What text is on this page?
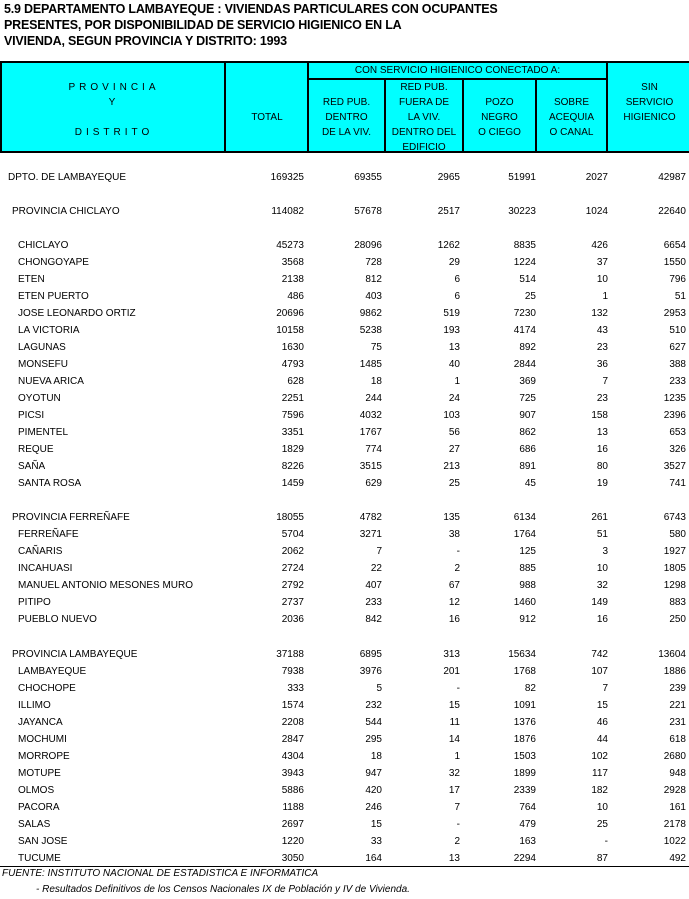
5.9 DEPARTAMENTO LAMBAYEQUE : VIVIENDAS PARTICULARES CON OCUPANTES
PRESENTES, POR DISPONIBILIDAD DE SERVICIO HIGIENICO EN LA
VIVIENDA, SEGUN PROVINCIA Y DISTRITO: 1993
PROVINCIA
Y
DISTRITO
TOTAL
CON SERVICIO HIGIENICO CONECTADO A:
RED PUB.
DENTRO
DE LA VIV.
RED PUB.
FUERA DE
LA VIV.
DENTRO DEL
EDIFICIO
POZO
NEGRO
O CIEGO
SOBRE
ACEQUIA
O CANAL
SIN
SERVICIO
HIGIENICO
DPTO. DE LAMBAYEQUE	169325	69355	2965	51991	2027	42987
PROVINCIA CHICLAYO	114082	57678	2517	30223	1024	22640
CHICLAYO	45273	28096	1262	8835	426	6654
CHONGOYAPE	3568	728	29	1224	37	1550
ETEN	2138	812	6	514	10	796
ETEN PUERTO	486	403	6	25	1	51
JOSE LEONARDO ORTIZ	20696	9862	519	7230	132	2953
LA VICTORIA	10158	5238	193	4174	43	510
LAGUNAS	1630	75	13	892	23	627
MONSEFU	4793	1485	40	2844	36	388
NUEVA ARICA	628	18	1	369	7	233
OYOTUN	2251	244	24	725	23	1235
PICSI	7596	4032	103	907	158	2396
PIMENTEL	3351	1767	56	862	13	653
REQUE	1829	774	27	686	16	326
SAÑA	8226	3515	213	891	80	3527
SANTA ROSA	1459	629	25	45	19	741
PROVINCIA FERREÑAFE	18055	4782	135	6134	261	6743
FERREÑAFE	5704	3271	38	1764	51	580
CAÑARIS	2062	7	-	125	3	1927
INCAHUASI	2724	22	2	885	10	1805
MANUEL ANTONIO MESONES MURO	2792	407	67	988	32	1298
PITIPO	2737	233	12	1460	149	883
PUEBLO NUEVO	2036	842	16	912	16	250
PROVINCIA LAMBAYEQUE	37188	6895	313	15634	742	13604
LAMBAYEQUE	7938	3976	201	1768	107	1886
CHOCHOPE	333	5	-	82	7	239
ILLIMO	1574	232	15	1091	15	221
JAYANCA	2208	544	11	1376	46	231
MOCHUMI	2847	295	14	1876	44	618
MORROPE	4304	18	1	1503	102	2680
MOTUPE	3943	947	32	1899	117	948
OLMOS	5886	420	17	2339	182	2928
PACORA	1188	246	7	764	10	161
SALAS	2697	15	-	479	25	2178
SAN JOSE	1220	33	2	163	-	1022
TUCUME	3050	164	13	2294	87	492
FUENTE: INSTITUTO NACIONAL DE ESTADISTICA E INFORMATICA
- Resultados Definitivos de los Censos Nacionales IX de Población y IV de Vivienda.
